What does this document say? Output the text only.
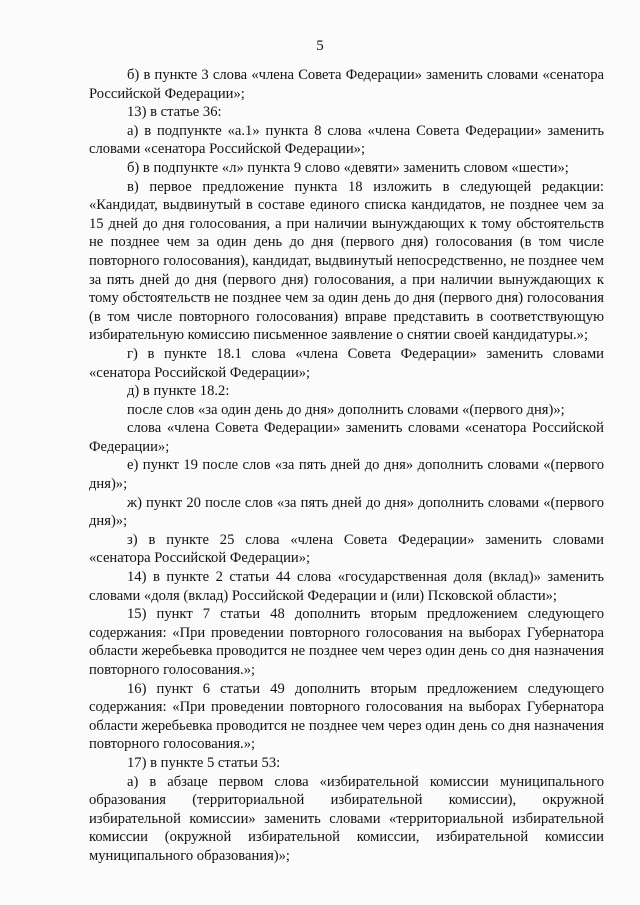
5

б) в пункте 3 слова «члена Совета Федерации» заменить словами «сенатора Российской Федерации»;

13) в статье 36:

а) в подпункте «а.1» пункта 8 слова «члена Совета Федерации» заменить словами «сенатора Российской Федерации»;

б) в подпункте «л» пункта 9 слово «девяти» заменить словом «шести»;

в) первое предложение пункта 18 изложить в следующей редакции: «Кандидат, выдвинутый в составе единого списка кандидатов, не позднее чем за 15 дней до дня голосования, а при наличии вынуждающих к тому обстоятельств не позднее чем за один день до дня (первого дня) голосования (в том числе повторного голосования), кандидат, выдвинутый непосредственно, не позднее чем за пять дней до дня (первого дня) голосования, а при наличии вынуждающих к тому обстоятельств не позднее чем за один день до дня (первого дня) голосования (в том числе повторного голосования) вправе представить в соответствующую избирательную комиссию письменное заявление о снятии своей кандидатуры.»;

г) в пункте 18.1 слова «члена Совета Федерации» заменить словами «сенатора Российской Федерации»;

д) в пункте 18.2:

после слов «за один день до дня» дополнить словами «(первого дня)»;

слова «члена Совета Федерации» заменить словами «сенатора Российской Федерации»;

е) пункт 19 после слов «за пять дней до дня» дополнить словами «(первого дня)»;

ж) пункт 20 после слов «за пять дней до дня» дополнить словами «(первого дня)»;

з) в пункте 25 слова «члена Совета Федерации» заменить словами «сенатора Российской Федерации»;

14) в пункте 2 статьи 44 слова «государственная доля (вклад)» заменить словами «доля (вклад) Российской Федерации и (или) Псковской области»;

15) пункт 7 статьи 48 дополнить вторым предложением следующего содержания: «При проведении повторного голосования на выборах Губернатора области жеребьевка проводится не позднее чем через один день со дня назначения повторного голосования.»;

16) пункт 6 статьи 49 дополнить вторым предложением следующего содержания: «При проведении повторного голосования на выборах Губернатора области жеребьевка проводится не позднее чем через один день со дня назначения повторного голосования.»;

17) в пункте 5 статьи 53:

а) в абзаце первом слова «избирательной комиссии муниципального образования (территориальной избирательной комиссии), окружной избирательной комиссии» заменить словами «территориальной избирательной комиссии (окружной избирательной комиссии, избирательной комиссии муниципального образования)»;
